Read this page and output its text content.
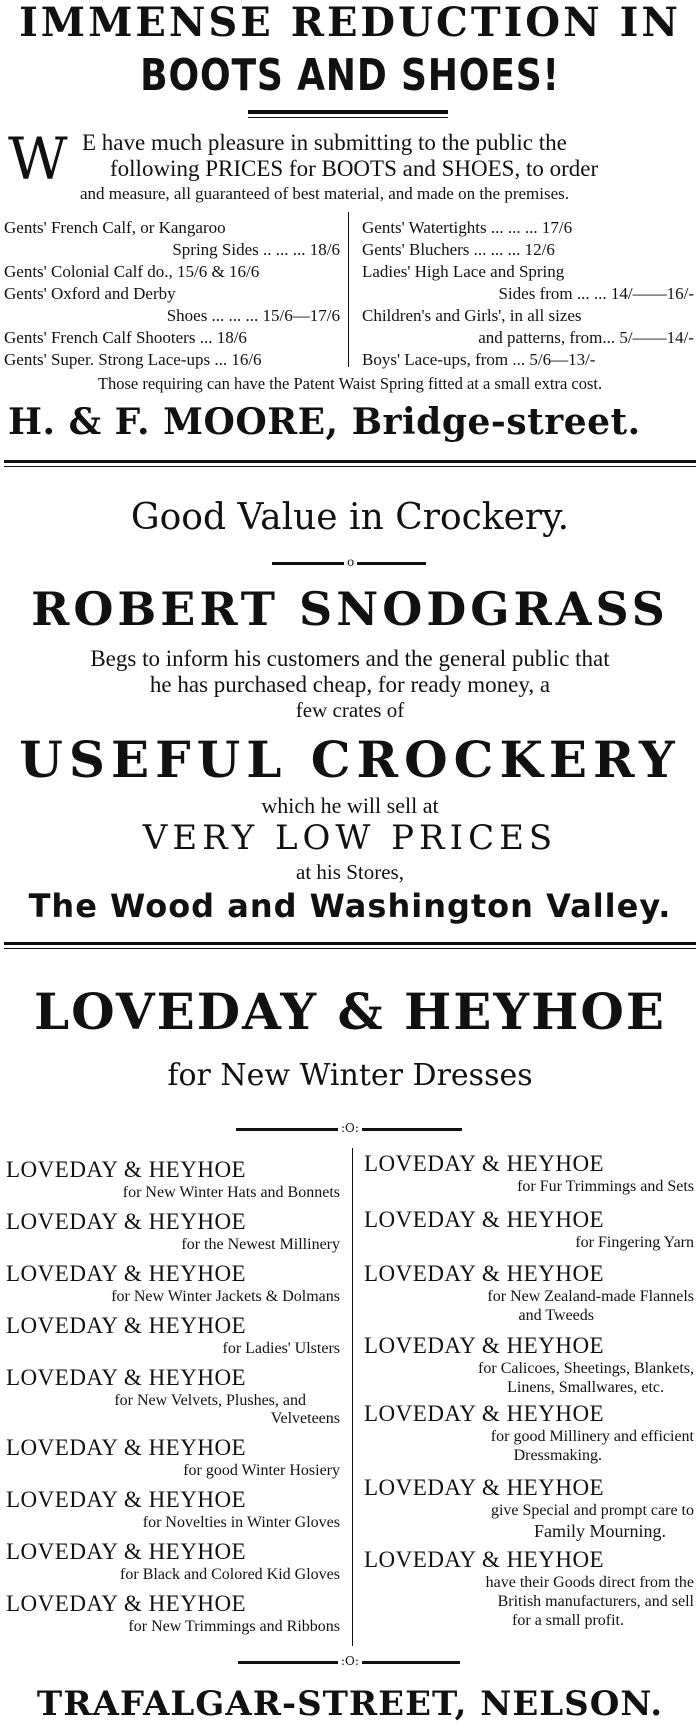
IMMENSE REDUCTION IN
BOOTS AND SHOES!
W E have much pleasure in submitting to the public the
following PRICES for BOOTS and SHOES, to order
and measure, all guaranteed of best material, and made on the premises.
Gents' French Calf, or Kangaroo
Spring Sides .. ... ... 18/6
Gents' Colonial Calf do., 15/6 & 16/6
Gents' Oxford and Derby
Shoes ... ... ... 15/6—17/6
Gents' French Calf Shooters ... 18/6
Gents' Super. Strong Lace-ups ... 16/6
Gents' Watertights ... ... ... 17/6
Gents' Bluchers ... ... ... 12/6
Ladies' High Lace and Spring
Sides from ... ... 14/——16/-
Children's and Girls', in all sizes
and patterns, from... 5/——14/-
Boys' Lace-ups, from ... 5/6—13/-
Those requiring can have the Patent Waist Spring fitted at a small extra cost.
H. & F. MOORE, Bridge-street.
Good Value in Crockery.
o
ROBERT SNODGRASS
Begs to inform his customers and the general public that
he has purchased cheap, for ready money, a
few crates of
USEFUL CROCKERY
which he will sell at
VERY LOW PRICES
at his Stores,
The Wood and Washington Valley.
LOVEDAY & HEYHOE
for New Winter Dresses
:O:
LOVEDAY & HEYHOE
for New Winter Hats and Bonnets
LOVEDAY & HEYHOE
for the Newest Millinery
LOVEDAY & HEYHOE
for New Winter Jackets & Dolmans
LOVEDAY & HEYHOE
for Ladies' Ulsters
LOVEDAY & HEYHOE
for New Velvets, Plushes, and
Velveteens
LOVEDAY & HEYHOE
for good Winter Hosiery
LOVEDAY & HEYHOE
for Novelties in Winter Gloves
LOVEDAY & HEYHOE
for Black and Colored Kid Gloves
LOVEDAY & HEYHOE
for New Trimmings and Ribbons
LOVEDAY & HEYHOE
for Fur Trimmings and Sets
LOVEDAY & HEYHOE
for Fingering Yarn
LOVEDAY & HEYHOE
for New Zealand-made Flannels
and Tweeds
LOVEDAY & HEYHOE
for Calicoes, Sheetings, Blankets,
Linens, Smallwares, etc.
LOVEDAY & HEYHOE
for good Millinery and efficient
Dressmaking.
LOVEDAY & HEYHOE
give Special and prompt care to
Family Mourning.
LOVEDAY & HEYHOE
have their Goods direct from the
British manufacturers, and sell
for a small profit.
:O:
TRAFALGAR-STREET, NELSON.
